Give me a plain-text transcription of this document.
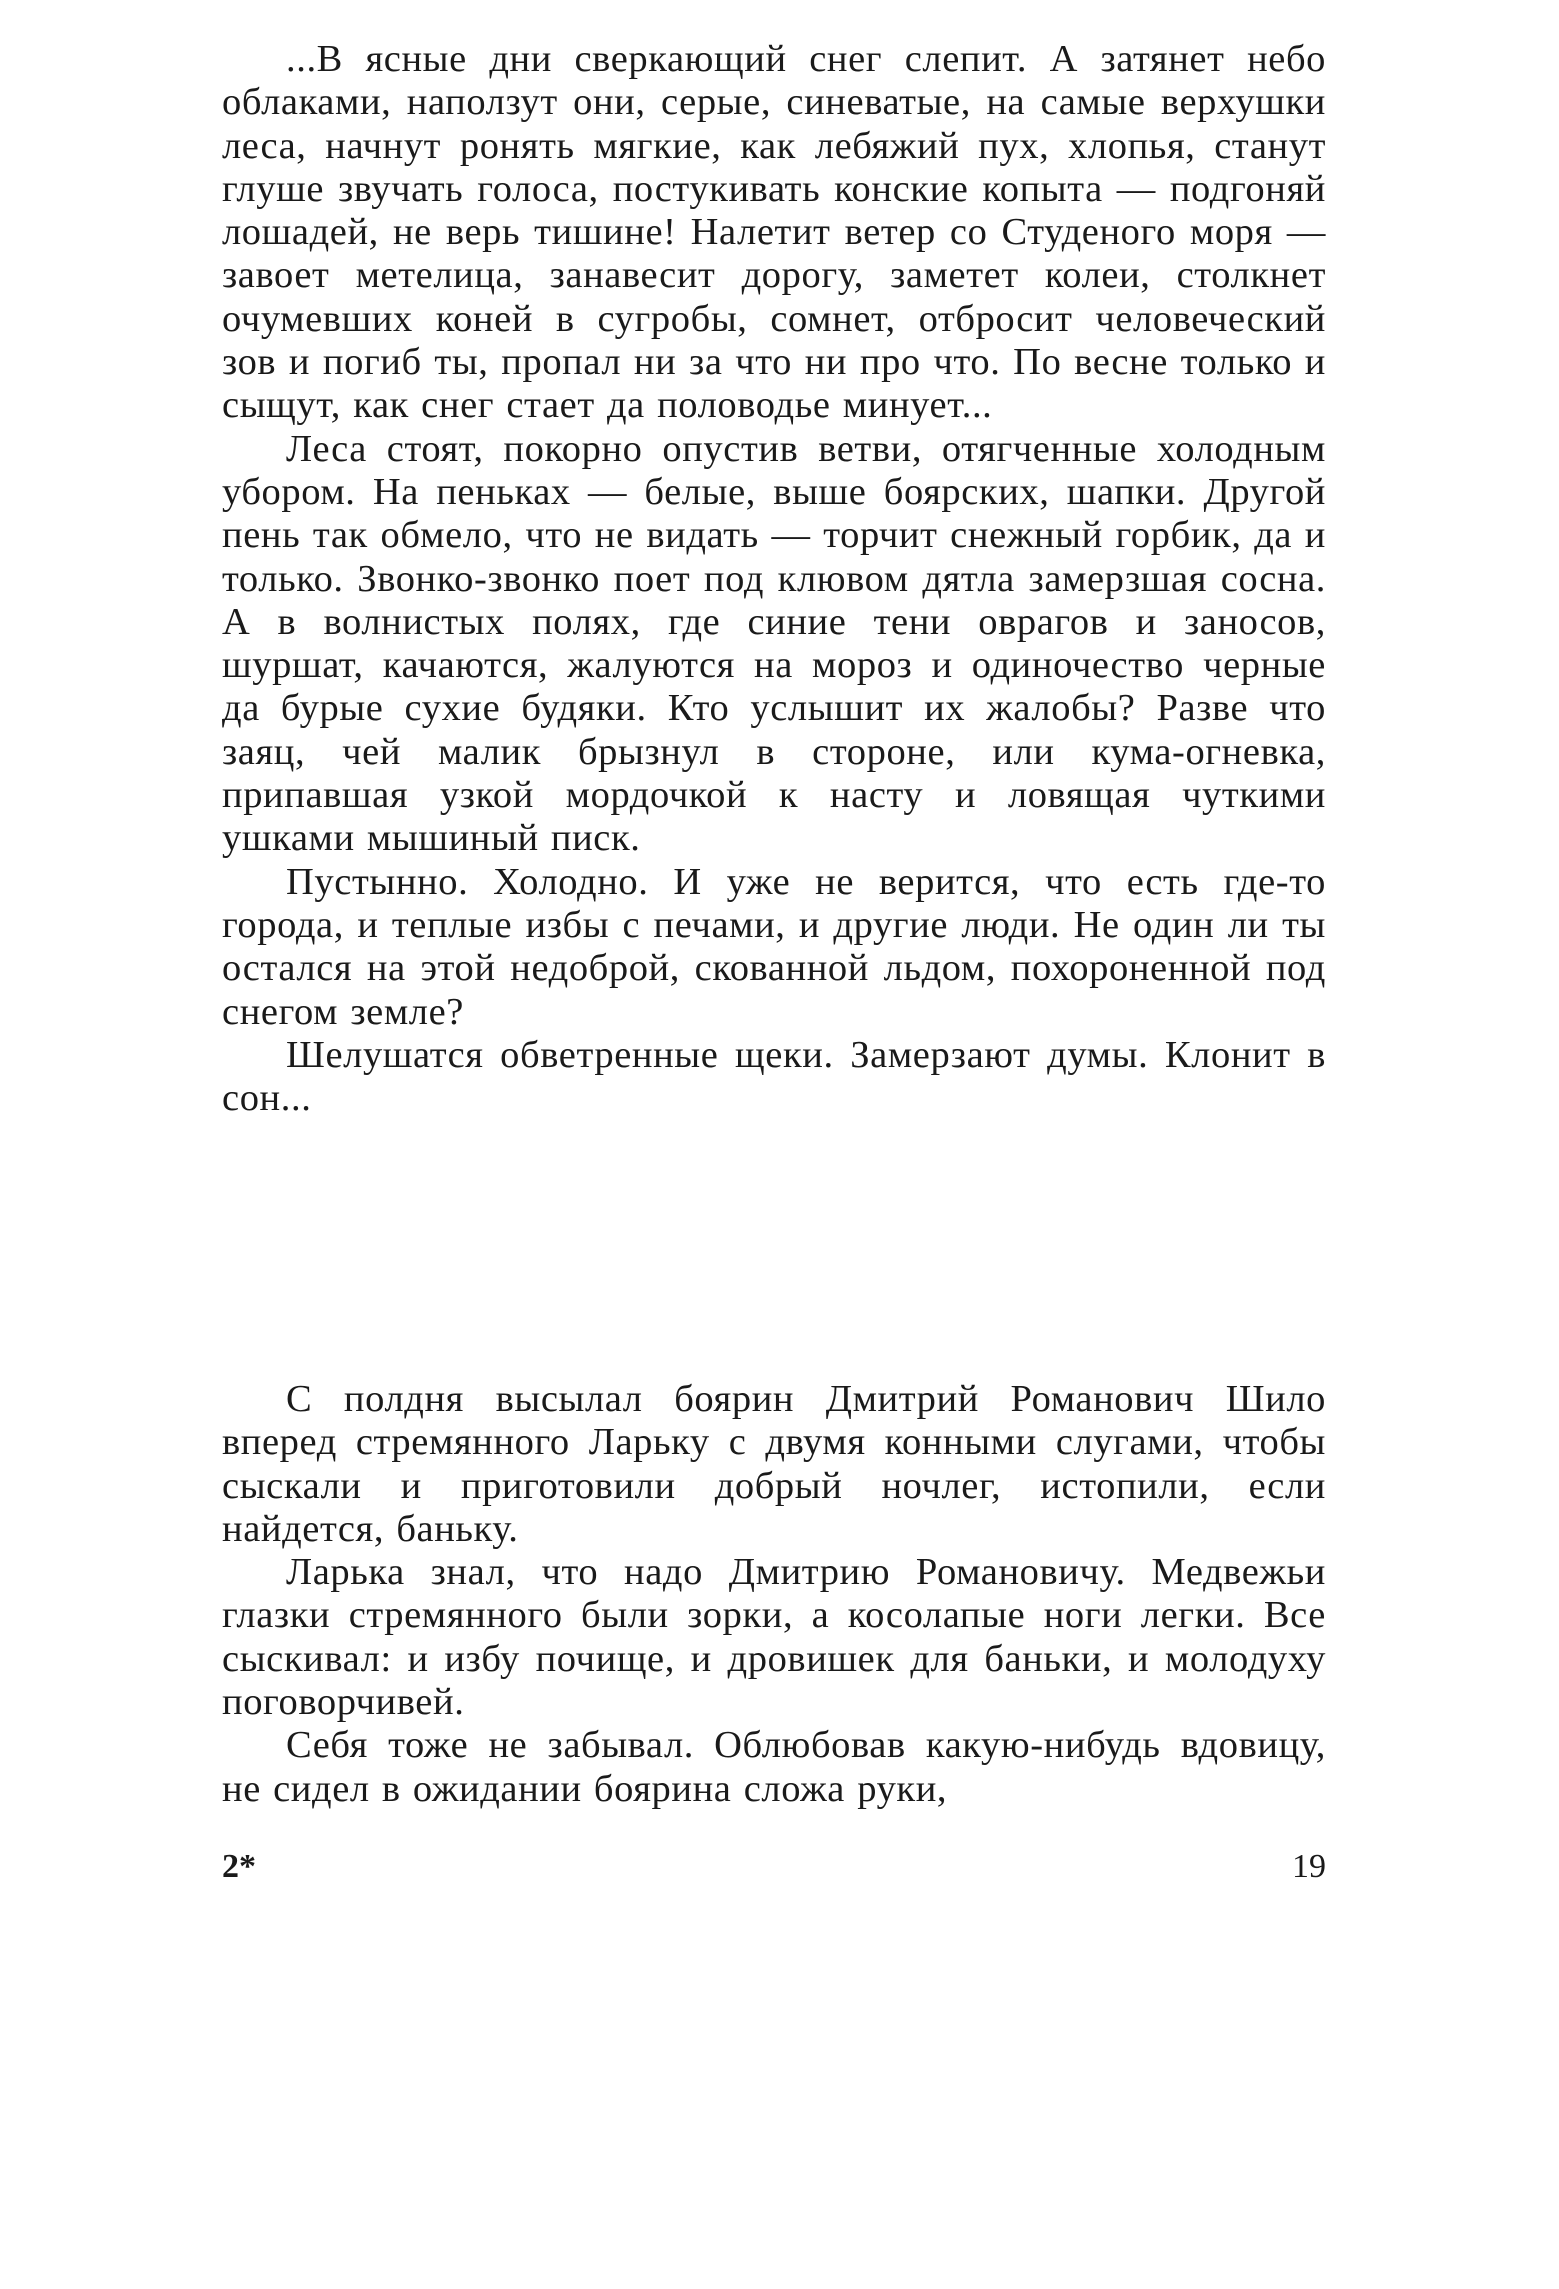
...В ясные дни сверкающий снег слепит. А затянет небо облаками, наползут они, серые, синеватые, на самые верхушки леса, начнут ронять мягкие, как лебяжий пух, хлопья, станут глуше звучать голоса, постукивать конские копыта — подгоняй лошадей, не верь тишине! Налетит ветер со Студеного моря — завоет метелица, занавесит дорогу, заметет колеи, столкнет очумевших коней в сугробы, сомнет, отбросит человеческий зов и погиб ты, пропал ни за что ни про что. По весне только и сыщут, как снег стает да половодье минует...

Леса стоят, покорно опустив ветви, отягченные холодным убором. На пеньках — белые, выше боярских, шапки. Другой пень так обмело, что не видать — торчит снежный горбик, да и только. Звонко-звонко поет под клювом дятла замерзшая сосна. А в волнистых полях, где синие тени оврагов и заносов, шуршат, качаются, жалуются на мороз и одиночество черные да бурые сухие будяки. Кто услышит их жалобы? Разве что заяц, чей малик брызнул в стороне, или кума-огневка, припавшая узкой мордочкой к насту и ловящая чуткими ушками мышиный писк.

Пустынно. Холодно. И уже не верится, что есть где-то города, и теплые избы с печами, и другие люди. Не один ли ты остался на этой недоброй, скованной льдом, похороненной под снегом земле?

Шелушатся обветренные щеки. Замерзают думы. Клонит в сон...

С полдня высылал боярин Дмитрий Романович Шило вперед стремянного Ларьку с двумя конными слугами, чтобы сыскали и приготовили добрый ночлег, истопили, если найдется, баньку.

Ларька знал, что надо Дмитрию Романовичу. Медвежьи глазки стремянного были зорки, а косолапые ноги легки. Все сыскивал: и избу почище, и дровишек для баньки, и молодуху поговорчивей.

Себя тоже не забывал. Облюбовав какую-нибудь вдовицу, не сидел в ожидании боярина сложа руки,

2*	19
